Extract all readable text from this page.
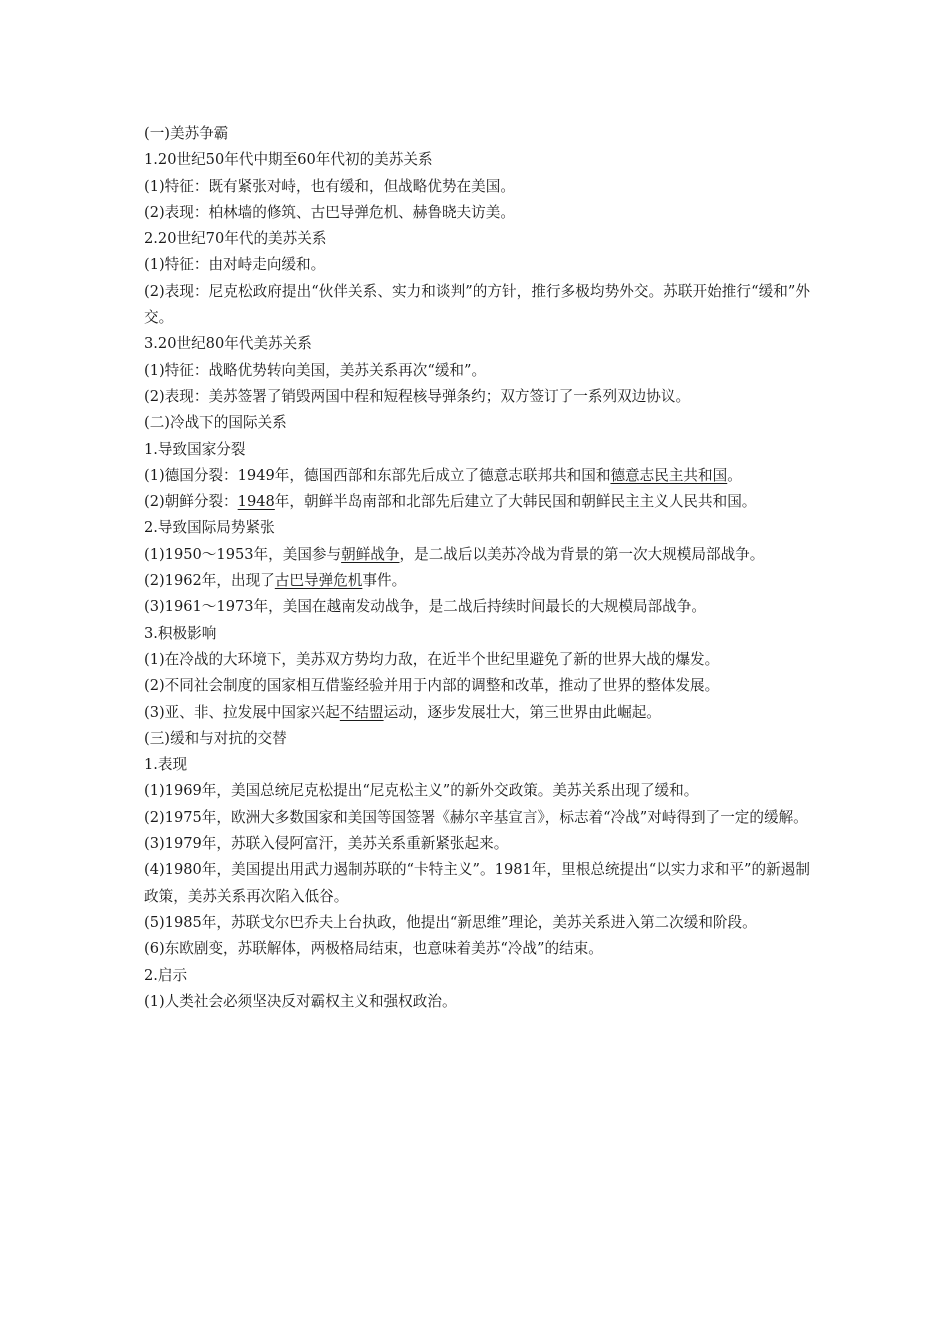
(一)美苏争霸

1.20世纪50年代中期至60年代初的美苏关系

(1)特征：既有紧张对峙，也有缓和，但战略优势在美国。

(2)表现：柏林墙的修筑、古巴导弹危机、赫鲁晓夫访美。

2.20世纪70年代的美苏关系

(1)特征：由对峙走向缓和。

(2)表现：尼克松政府提出“伙伴关系、实力和谈判”的方针，推行多极均势外交。苏联开始推行“缓和”外交。

3.20世纪80年代美苏关系

(1)特征：战略优势转向美国，美苏关系再次“缓和”。

(2)表现：美苏签署了销毁两国中程和短程核导弹条约；双方签订了一系列双边协议。

(二)冷战下的国际关系

1.导致国家分裂

(1)德国分裂：1949年，德国西部和东部先后成立了德意志联邦共和国和德意志民主共和国。

(2)朝鲜分裂：1948年，朝鲜半岛南部和北部先后建立了大韩民国和朝鲜民主主义人民共和国。

2.导致国际局势紧张

(1)1950～1953年，美国参与朝鲜战争，是二战后以美苏冷战为背景的第一次大规模局部战争。

(2)1962年，出现了古巴导弹危机事件。

(3)1961～1973年，美国在越南发动战争，是二战后持续时间最长的大规模局部战争。

3.积极影响

(1)在冷战的大环境下，美苏双方势均力敌，在近半个世纪里避免了新的世界大战的爆发。

(2)不同社会制度的国家相互借鉴经验并用于内部的调整和改革，推动了世界的整体发展。

(3)亚、非、拉发展中国家兴起不结盟运动，逐步发展壮大，第三世界由此崛起。

(三)缓和与对抗的交替

1.表现

(1)1969年，美国总统尼克松提出“尼克松主义”的新外交政策。美苏关系出现了缓和。

(2)1975年，欧洲大多数国家和美国等国签署《赫尔辛基宣言》，标志着“冷战”对峙得到了一定的缓解。

(3)1979年，苏联入侵阿富汗，美苏关系重新紧张起来。

(4)1980年，美国提出用武力遏制苏联的“卡特主义”。1981年，里根总统提出“以实力求和平”的新遏制政策，美苏关系再次陷入低谷。

(5)1985年，苏联戈尔巴乔夫上台执政，他提出“新思维”理论，美苏关系进入第二次缓和阶段。

(6)东欧剧变，苏联解体，两极格局结束，也意味着美苏“冷战”的结束。

2.启示

(1)人类社会必须坚决反对霸权主义和强权政治。
